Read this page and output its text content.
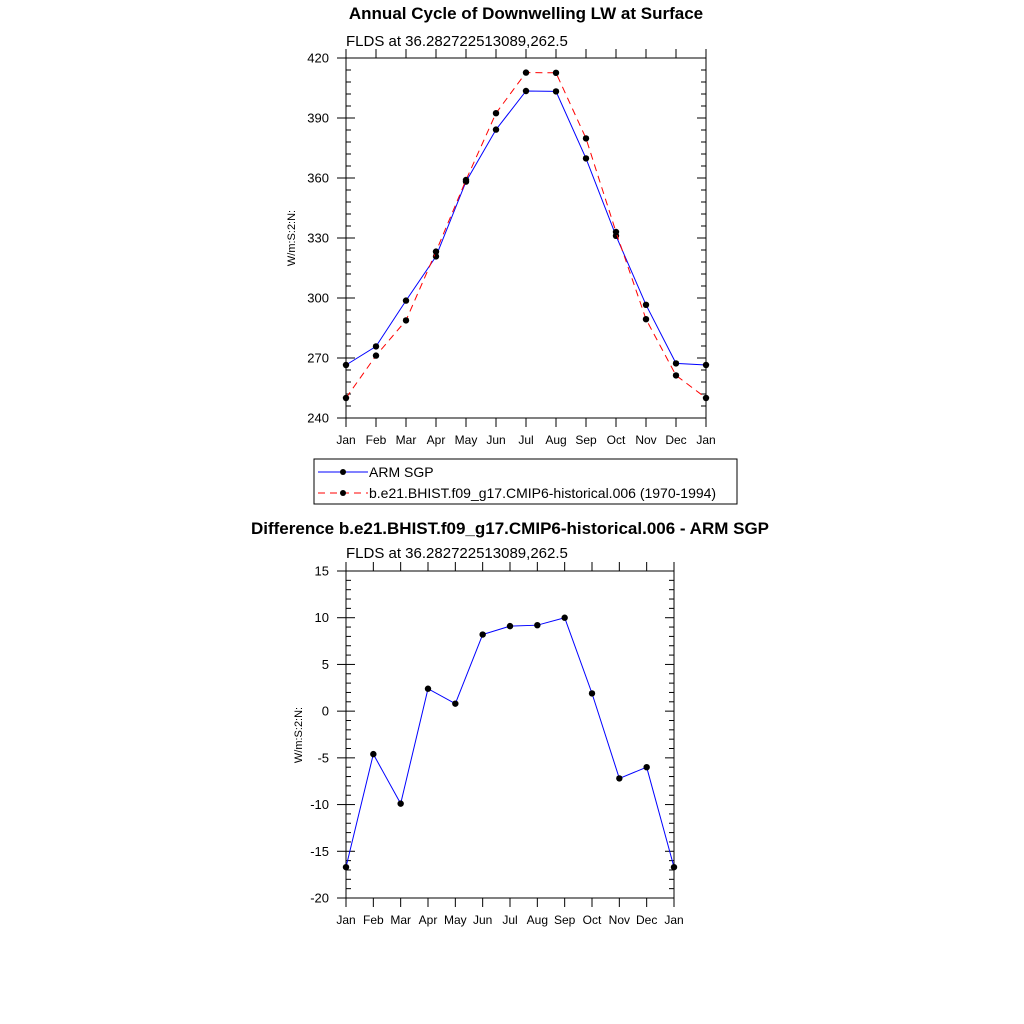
Annual Cycle of Downwelling LW at Surface
FLDS at 36.282722513089,262.5
W/m:S:2:N:
240
270
300
330
360
390
420
Jan Feb Mar Apr May Jun Jul Aug Sep Oct Nov Dec Jan
ARM SGP
b.e21.BHIST.f09_g17.CMIP6-historical.006 (1970-1994)
Difference b.e21.BHIST.f09_g17.CMIP6-historical.006 - ARM SGP
FLDS at 36.282722513089,262.5
W/m:S:2:N:
-20
-15
-10
-5
0
5
10
15
Jan Feb Mar Apr May Jun Jul Aug Sep Oct Nov Dec Jan
